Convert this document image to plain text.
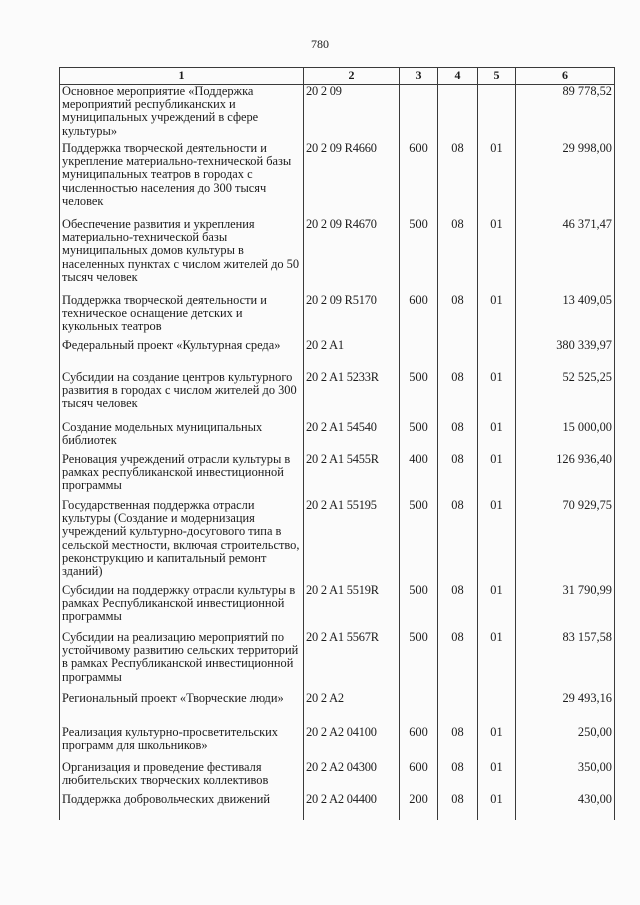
780
1	2	3	4	5	6
Основное мероприятие «Поддержка мероприятий республиканских и муниципальных учреждений в сфере культуры»	20 2 09				89 778,52
Поддержка творческой деятельности и укрепление материально-технической базы муниципальных театров в городах с численностью населения до 300 тысяч человек	20 2 09 R4660	600	08	01	29 998,00
Обеспечение развития и укрепления материально-технической базы муниципальных домов культуры в населенных пунктах с числом жителей до 50 тысяч человек	20 2 09 R4670	500	08	01	46 371,47
Поддержка творческой деятельности и техническое оснащение детских и кукольных театров	20 2 09 R5170	600	08	01	13 409,05
Федеральный проект «Культурная среда»	20 2 A1				380 339,97
Субсидии на создание центров культурного развития в городах с числом жителей до 300 тысяч человек	20 2 A1 5233R	500	08	01	52 525,25
Создание модельных муниципальных библиотек	20 2 A1 54540	500	08	01	15 000,00
Реновация учреждений отрасли культуры в рамках республиканской инвестиционной программы	20 2 A1 5455R	400	08	01	126 936,40
Государственная поддержка отрасли культуры (Создание и модернизация учреждений культурно-досугового типа в сельской местности, включая строительство, реконструкцию и капитальный ремонт зданий)	20 2 A1 55195	500	08	01	70 929,75
Субсидии на поддержку отрасли культуры в рамках Республиканской инвестиционной программы	20 2 A1 5519R	500	08	01	31 790,99
Субсидии на реализацию мероприятий по устойчивому развитию сельских территорий в рамках Республиканской инвестиционной программы	20 2 A1 5567R	500	08	01	83 157,58
Региональный проект «Творческие люди»	20 2 A2				29 493,16
Реализация культурно-просветительских программ для школьников»	20 2 A2 04100	600	08	01	250,00
Организация и проведение фестиваля любительских творческих коллективов	20 2 A2 04300	600	08	01	350,00
Поддержка добровольческих движений	20 2 A2 04400	200	08	01	430,00
